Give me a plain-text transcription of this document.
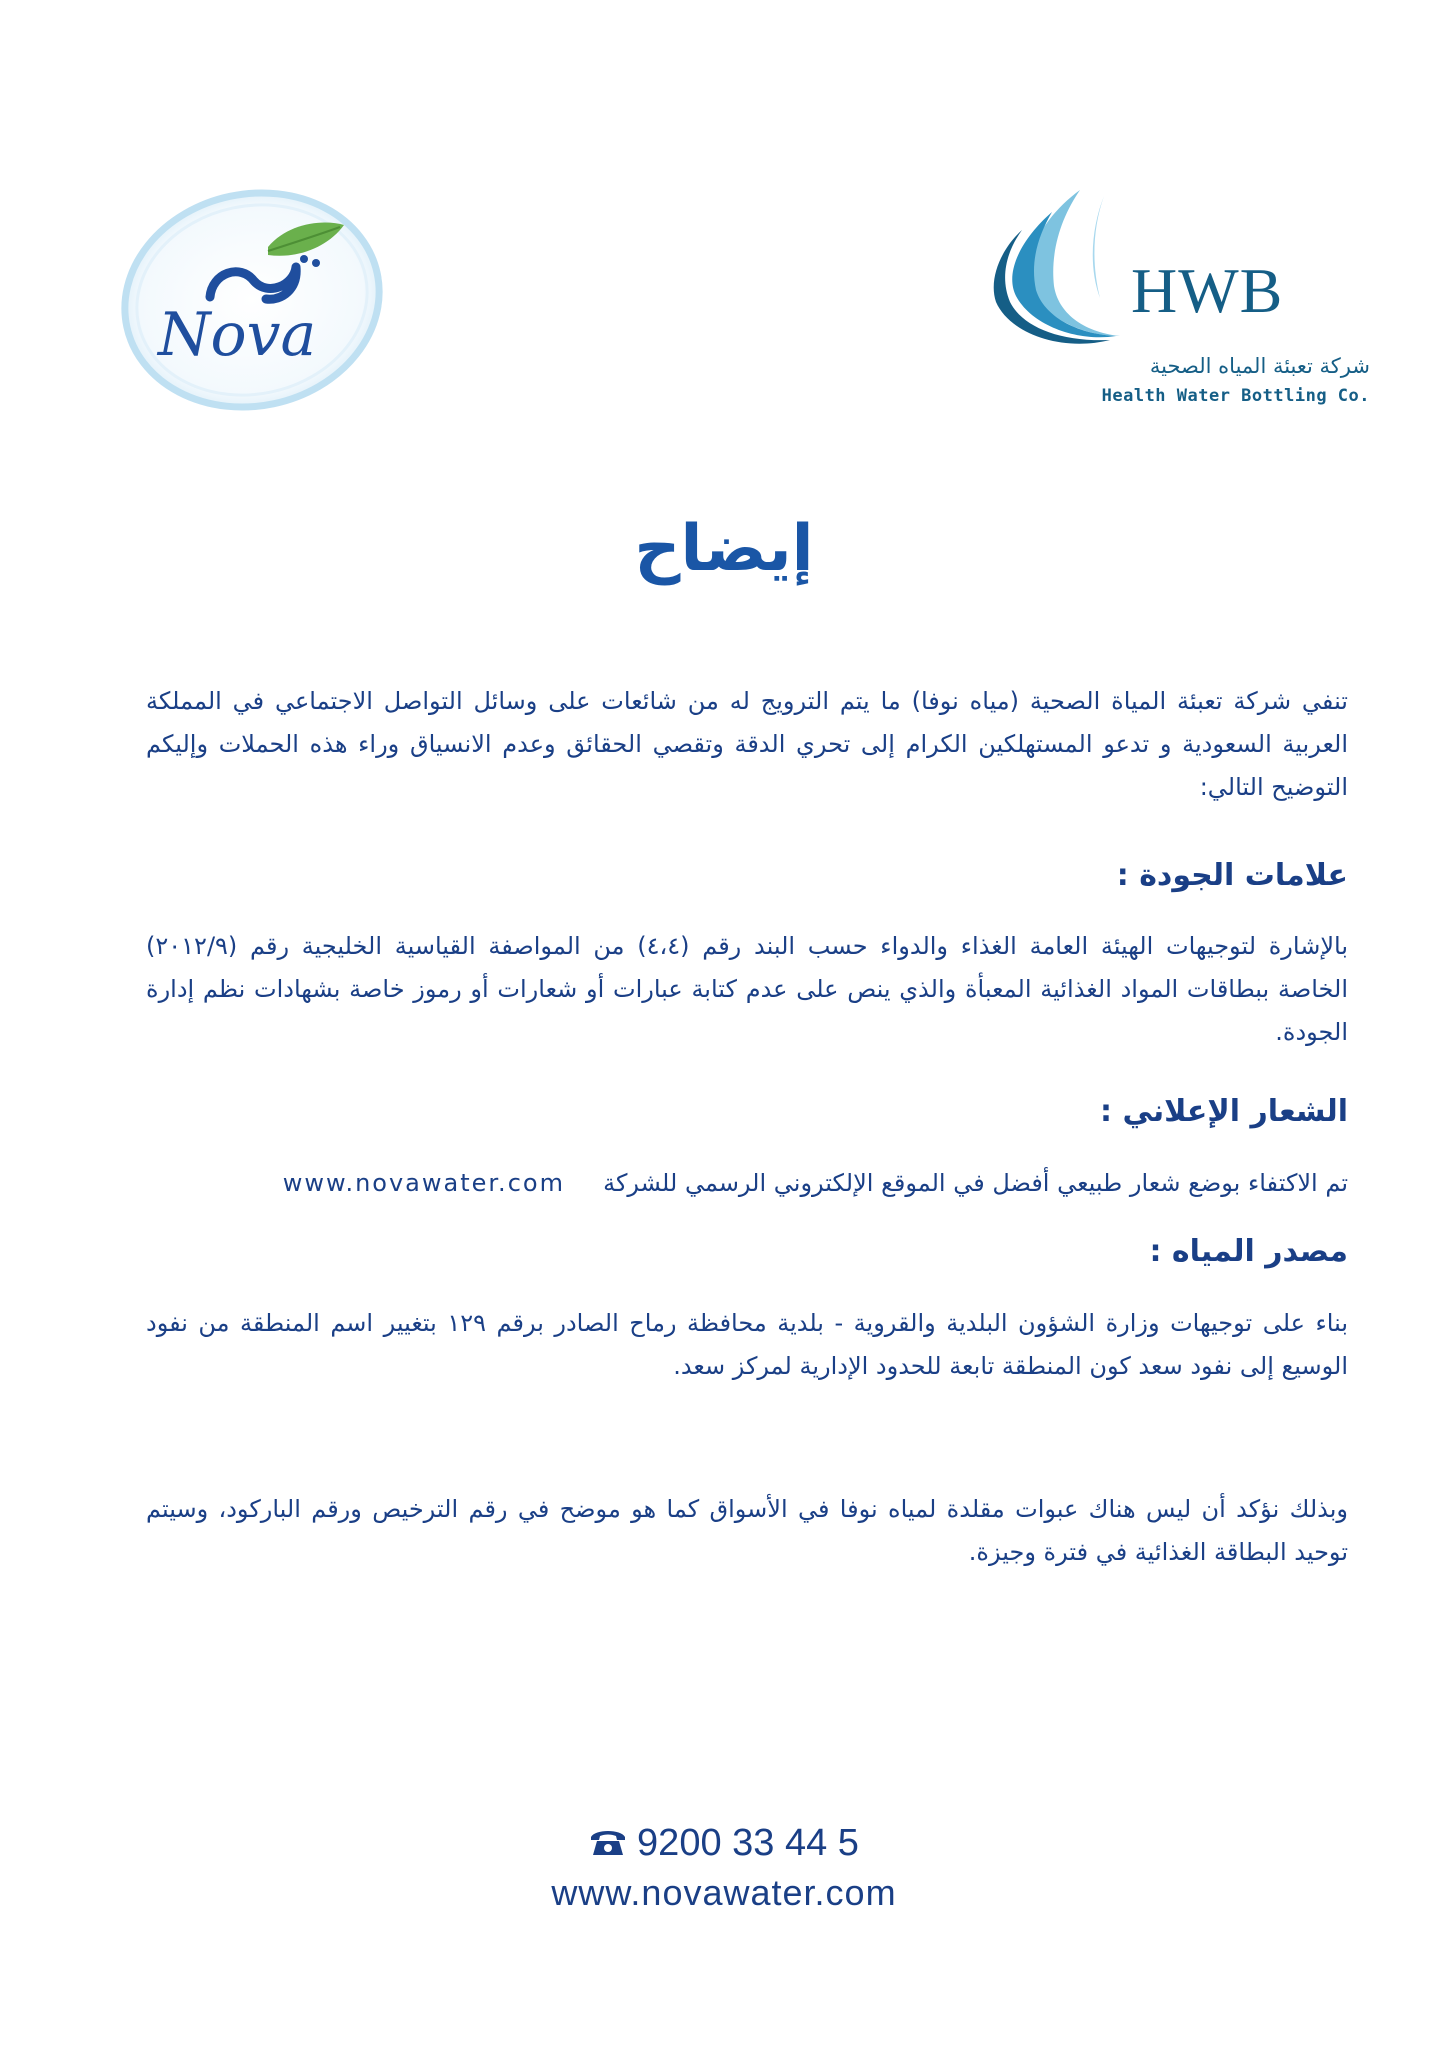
Nova
HWB
شركة تعبئة المياه الصحية
Health Water Bottling Co.
إيضاح

تنفي شركة تعبئة المياة الصحية (مياه نوفا) ما يتم الترويج له من شائعات على وسائل التواصل الاجتماعي في المملكة العربية السعودية و تدعو المستهلكين الكرام إلى تحري الدقة وتقصي الحقائق وعدم الانسياق وراء هذه الحملات وإليكم التوضيح التالي:

علامات الجودة :

بالإشارة لتوجيهات الهيئة العامة الغذاء والدواء حسب البند رقم (٤،٤) من المواصفة القياسية الخليجية رقم (٢٠١٢/٩) الخاصة ببطاقات المواد الغذائية المعبأة والذي ينص على عدم كتابة عبارات أو شعارات أو رموز خاصة بشهادات نظم إدارة الجودة.

الشعار الإعلاني :

تم الاكتفاء بوضع شعار طبيعي أفضل في الموقع الإلكتروني الرسمي للشركة     www.novawater.com

مصدر المياه :

بناء على توجيهات وزارة الشؤون البلدية والقروية - بلدية محافظة رماح الصادر برقم ١٢٩ بتغيير اسم المنطقة من نفود الوسيع إلى نفود سعد كون المنطقة تابعة للحدود الإدارية لمركز سعد.

وبذلك نؤكد أن ليس هناك عبوات مقلدة لمياه نوفا في الأسواق كما هو موضح في رقم الترخيص ورقم الباركود، وسيتم توحيد البطاقة الغذائية في فترة وجيزة.

9200 33 44 5
www.novawater.com
